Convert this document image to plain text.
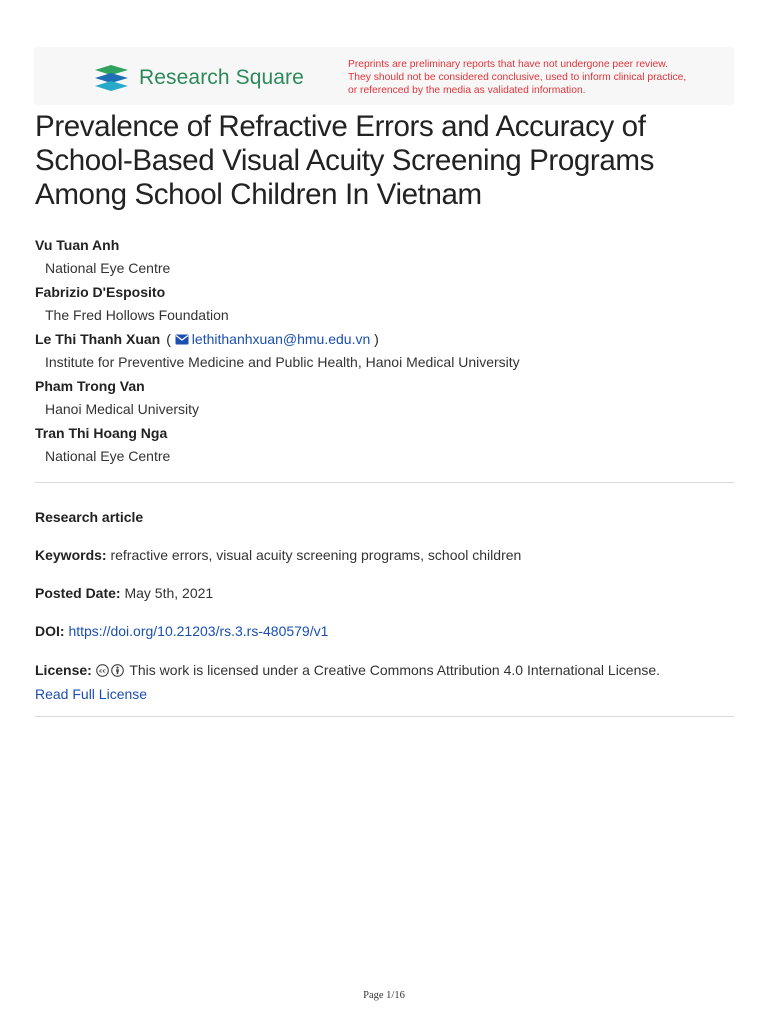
Research Square
Preprints are preliminary reports that have not undergone peer review.
They should not be considered conclusive, used to inform clinical practice,
or referenced by the media as validated information.
Prevalence of Refractive Errors and Accuracy of
School-Based Visual Acuity Screening Programs
Among School Children In Vietnam
Vu Tuan Anh
National Eye Centre
Fabrizio D'Esposito
The Fred Hollows Foundation
Le Thi Thanh Xuan ( lethithanhxuan@hmu.edu.vn )
Institute for Preventive Medicine and Public Health, Hanoi Medical University
Pham Trong Van
Hanoi Medical University
Tran Thi Hoang Nga
National Eye Centre
Research article
Keywords: refractive errors, visual acuity screening programs, school children
Posted Date: May 5th, 2021
DOI: https://doi.org/10.21203/rs.3.rs-480579/v1
License: cc This work is licensed under a Creative Commons Attribution 4.0 International License.
Read Full License
Page 1/16
